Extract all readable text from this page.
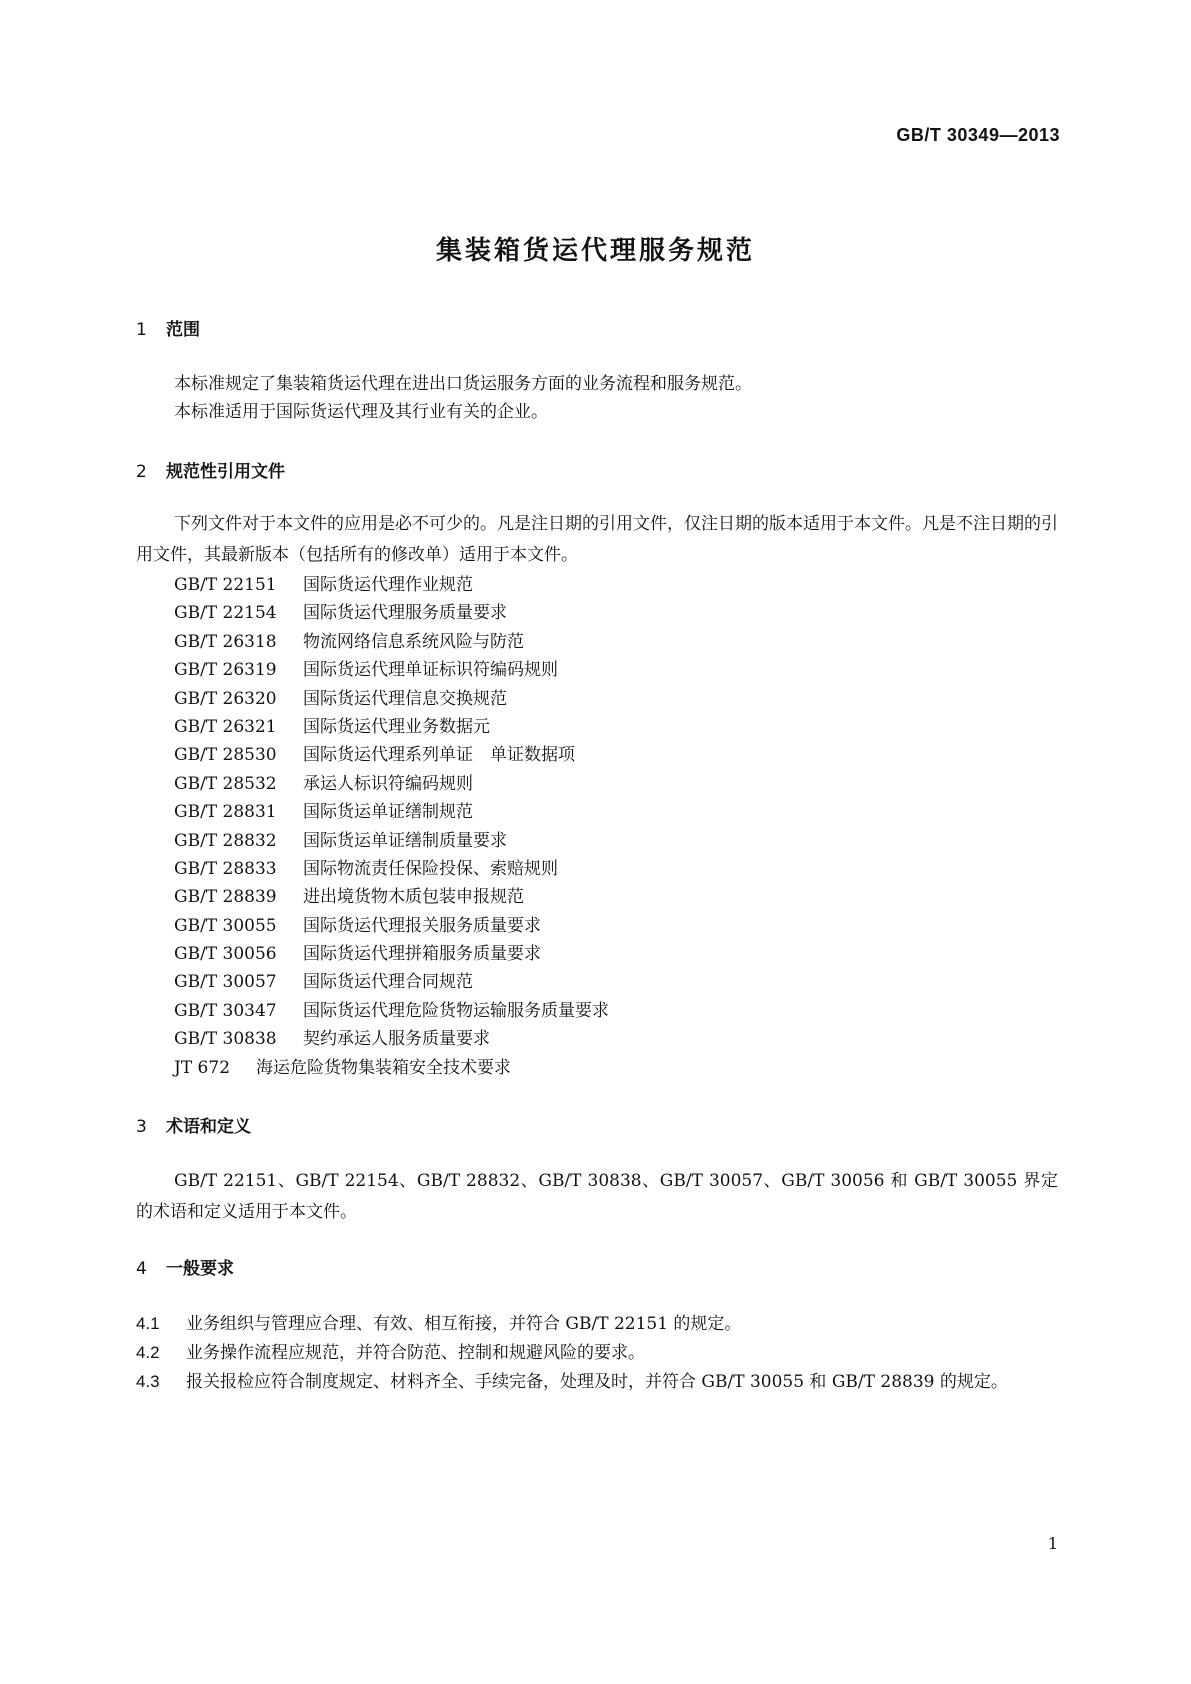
GB/T 30349—2013
集装箱货运代理服务规范
1 范围
本标准规定了集装箱货运代理在进出口货运服务方面的业务流程和服务规范。
本标准适用于国际货运代理及其行业有关的企业。
2 规范性引用文件
下列文件对于本文件的应用是必不可少的。凡是注日期的引用文件，仅注日期的版本适用于本文件。凡是不注日期的引用文件，其最新版本（包括所有的修改单）适用于本文件。
GB/T 22151 国际货运代理作业规范
GB/T 22154 国际货运代理服务质量要求
GB/T 26318 物流网络信息系统风险与防范
GB/T 26319 国际货运代理单证标识符编码规则
GB/T 26320 国际货运代理信息交换规范
GB/T 26321 国际货运代理业务数据元
GB/T 28530 国际货运代理系列单证　单证数据项
GB/T 28532 承运人标识符编码规则
GB/T 28831 国际货运单证缮制规范
GB/T 28832 国际货运单证缮制质量要求
GB/T 28833 国际物流责任保险投保、索赔规则
GB/T 28839 进出境货物木质包装申报规范
GB/T 30055 国际货运代理报关服务质量要求
GB/T 30056 国际货运代理拼箱服务质量要求
GB/T 30057 国际货运代理合同规范
GB/T 30347 国际货运代理危险货物运输服务质量要求
GB/T 30838 契约承运人服务质量要求
JT 672 海运危险货物集装箱安全技术要求
3 术语和定义
GB/T 22151、GB/T 22154、GB/T 28832、GB/T 30838、GB/T 30057、GB/T 30056 和 GB/T 30055 界定的术语和定义适用于本文件。
4 一般要求
4.1 业务组织与管理应合理、有效、相互衔接，并符合 GB/T 22151 的规定。
4.2 业务操作流程应规范，并符合防范、控制和规避风险的要求。
4.3 报关报检应符合制度规定、材料齐全、手续完备，处理及时，并符合 GB/T 30055 和 GB/T 28839 的规定。
1
